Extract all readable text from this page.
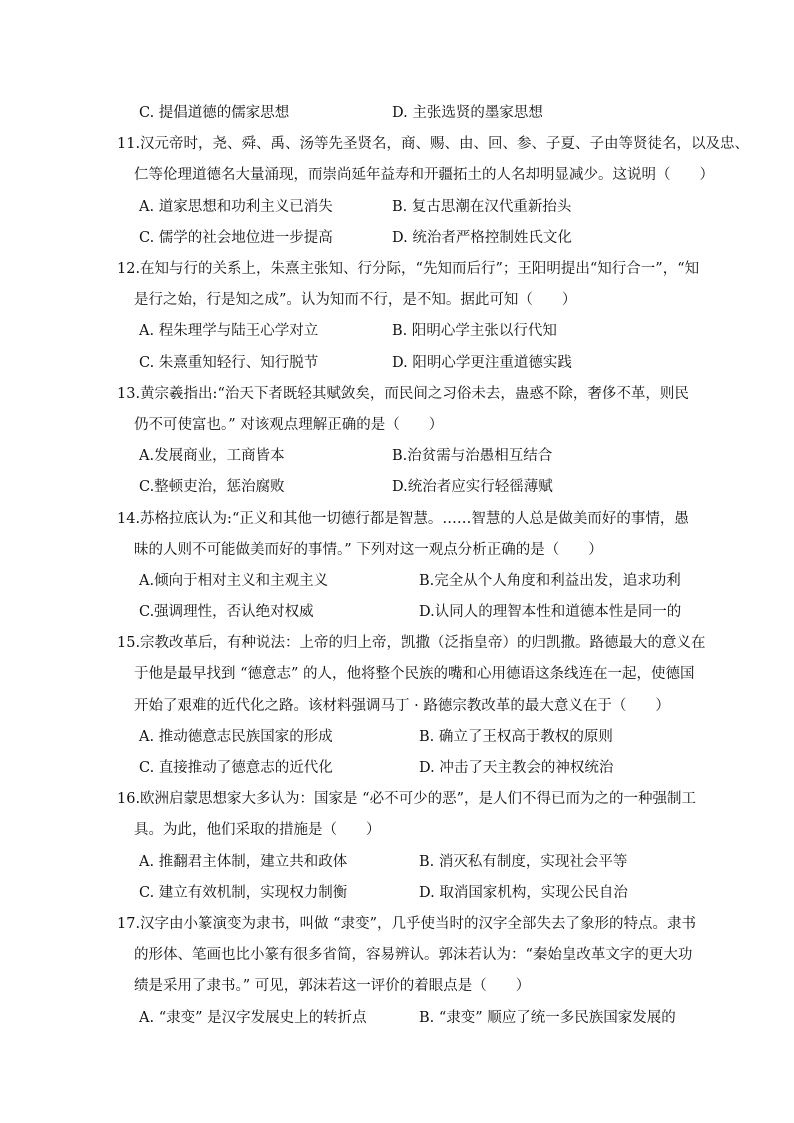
C. 提倡道德的儒家思想	D. 主张选贤的墨家思想
11.汉元帝时，尧、舜、禹、汤等先圣贤名，商、赐、由、回、参、子夏、子由等贤徒名，以及忠、
仁等伦理道德名大量涌现，而崇尚延年益寿和开疆拓土的人名却明显减少。这说明（　　）
A. 道家思想和功利主义已消失	B. 复古思潮在汉代重新抬头
C. 儒学的社会地位进一步提高	D. 统治者严格控制姓氏文化
12.在知与行的关系上，朱熹主张知、行分际，“先知而后行”；王阳明提出“知行合一”，“知
是行之始，行是知之成”。认为知而不行，是不知。据此可知（　　）
A. 程朱理学与陆王心学对立	B. 阳明心学主张以行代知
C. 朱熹重知轻行、知行脱节	D. 阳明心学更注重道德实践
13.黄宗羲指出:“治天下者既轻其赋敛矣，而民间之习俗未去，蛊惑不除，奢侈不革，则民
仍不可使富也。” 对该观点理解正确的是（　　）
A.发展商业，工商皆本	B.治贫需与治愚相互结合
C.整顿吏治，惩治腐败	D.统治者应实行轻徭薄赋
14.苏格拉底认为:“正义和其他一切德行都是智慧。……智慧的人总是做美而好的事情，愚
昧的人则不可能做美而好的事情。” 下列对这一观点分析正确的是（　　）
A.倾向于相对主义和主观主义	B.完全从个人角度和利益出发，追求功利
C.强调理性，否认绝对权威	D.认同人的理智本性和道德本性是同一的
15.宗教改革后，有种说法：上帝的归上帝，凯撒（泛指皇帝）的归凯撒。路德最大的意义在
于他是最早找到 “德意志” 的人，他将整个民族的嘴和心用德语这条线连在一起，使德国
开始了艰难的近代化之路。该材料强调马丁 · 路德宗教改革的最大意义在于（　　）
A. 推动德意志民族国家的形成	B. 确立了王权高于教权的原则
C. 直接推动了德意志的近代化	D. 冲击了天主教会的神权统治
16.欧洲启蒙思想家大多认为：国家是 “必不可少的恶”，是人们不得已而为之的一种强制工
具。为此，他们采取的措施是（　　）
A. 推翻君主体制，建立共和政体	B. 消灭私有制度，实现社会平等
C. 建立有效机制，实现权力制衡	D. 取消国家机构，实现公民自治
17.汉字由小篆演变为隶书，叫做 “隶变”，几乎使当时的汉字全部失去了象形的特点。隶书
的形体、笔画也比小篆有很多省简，容易辨认。郭沫若认为：“秦始皇改革文字的更大功
绩是采用了隶书。” 可见，郭沫若这一评价的着眼点是（　　）
A. “隶变” 是汉字发展史上的转折点	B. “隶变” 顺应了统一多民族国家发展的
